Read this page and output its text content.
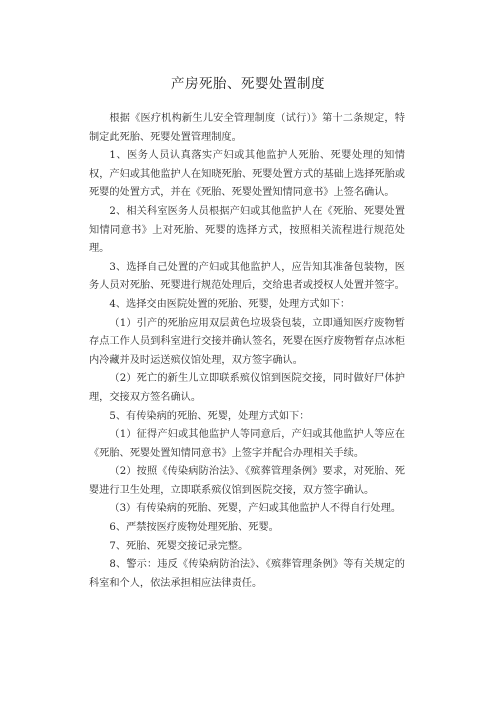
产房死胎、死婴处置制度

根据《医疗机构新生儿安全管理制度（试行）》第十二条规定，特制定此死胎、死婴处置管理制度。

1、医务人员认真落实产妇或其他监护人死胎、死婴处理的知情权，产妇或其他监护人在知晓死胎、死婴处置方式的基础上选择死胎或死婴的处置方式，并在《死胎、死婴处置知情同意书》上签名确认。

2、相关科室医务人员根据产妇或其他监护人在《死胎、死婴处置知情同意书》上对死胎、死婴的选择方式，按照相关流程进行规范处理。

3、选择自己处置的产妇或其他监护人，应告知其准备包装物，医务人员对死胎、死婴进行规范处理后，交给患者或授权人处置并签字。

4、选择交由医院处置的死胎、死婴，处理方式如下：

（1）引产的死胎应用双层黄色垃圾袋包装，立即通知医疗废物暂存点工作人员到科室进行交接并确认签名，死婴在医疗废物暂存点冰柜内冷藏并及时运送殡仪馆处理，双方签字确认。

（2）死亡的新生儿立即联系殡仪馆到医院交接，同时做好尸体护理，交接双方签名确认。

5、有传染病的死胎、死婴，处理方式如下：

（1）征得产妇或其他监护人等同意后，产妇或其他监护人等应在《死胎、死婴处置知情同意书》上签字并配合办理相关手续。

（2）按照《传染病防治法》、《殡葬管理条例》要求，对死胎、死婴进行卫生处理，立即联系殡仪馆到医院交接，双方签字确认。

（3）有传染病的死胎、死婴，产妇或其他监护人不得自行处理。

6、严禁按医疗废物处理死胎、死婴。

7、死胎、死婴交接记录完整。

8、警示：违反《传染病防治法》、《殡葬管理条例》等有关规定的科室和个人，依法承担相应法律责任。
